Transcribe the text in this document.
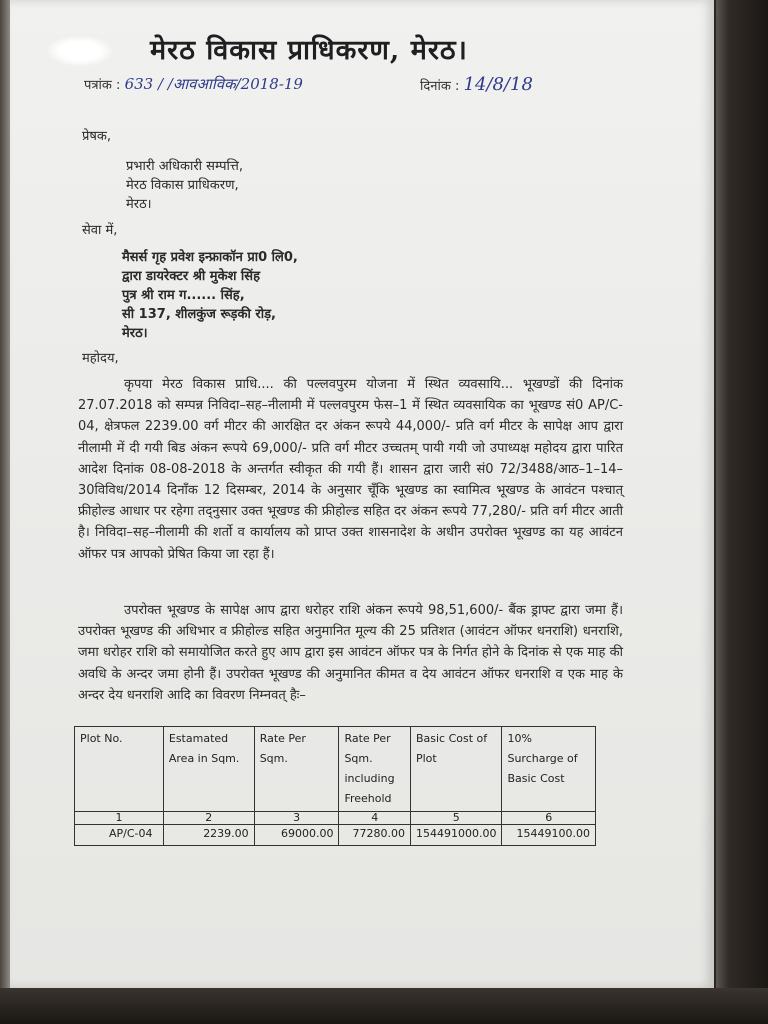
मेरठ विकास प्राधिकरण, मेरठ।
पत्रांक : 633 / /आवआविक/2018-19	दिनांक : 14/8/18
प्रेषक,
प्रभारी अधिकारी सम्पत्ति,
मेरठ विकास प्राधिकरण,
मेरठ।
सेवा में,
मैसर्स गृह प्रवेश इन्फ्राकॉन प्रा0 लि0,
द्वारा डायरेक्टर श्री मुकेश सिंह
पुत्र श्री राम ग...... सिंह,
सी 137, शीलकुंज रूड़की रोड़,
मेरठ।
महोदय,
कृपया मेरठ विकास प्राधि.... की पल्लवपुरम योजना में स्थित व्यवसायि... भूखण्डों की दिनांक 27.07.2018 को सम्पन्न निविदा–सह–नीलामी में पल्लवपुरम फेस–1 में स्थित व्यवसायिक का भूखण्ड सं0 AP/C-04, क्षेत्रफल 2239.00 वर्ग मीटर की आरक्षित दर अंकन रूपये 44,000/- प्रति वर्ग मीटर के सापेक्ष आप द्वारा नीलामी में दी गयी बिड अंकन रूपये 69,000/- प्रति वर्ग मीटर उच्चतम् पायी गयी जो उपाध्यक्ष महोदय द्वारा पारित आदेश दिनांक 08-08-2018 के अन्तर्गत स्वीकृत की गयी हैं। शासन द्वारा जारी सं0 72/3488/आठ–1–14–30विविध/2014 दिनाँक 12 दिसम्बर, 2014 के अनुसार चूँकि भूखण्ड का स्वामित्व भूखण्ड के आवंटन पश्चात् फ्रीहोल्ड आधार पर रहेगा तद्नुसार उक्त भूखण्ड की फ्रीहोल्ड सहित दर अंकन रूपये 77,280/- प्रति वर्ग मीटर आती है। निविदा–सह–नीलामी की शर्तो व कार्यालय को प्राप्त उक्त शासनादेश के अधीन उपरोक्त भूखण्ड का यह आवंटन ऑफर पत्र आपको प्रेषित किया जा रहा हैं।
उपरोक्त भूखण्ड के सापेक्ष आप द्वारा धरोहर राशि अंकन रूपये 98,51,600/- बैंक ड्राफ्ट द्वारा जमा हैं। उपरोक्त भूखण्ड की अधिभार व फ्रीहोल्ड सहित अनुमानित मूल्य की 25 प्रतिशत (आवंटन ऑफर धनराशि) धनराशि, जमा धरोहर राशि को समायोजित करते हुए आप द्वारा इस आवंटन ऑफर पत्र के निर्गत होने के दिनांक से एक माह की अवधि के अन्दर जमा होनी हैं। उपरोक्त भूखण्ड की अनुमानित कीमत व देय आवंटन ऑफर धनराशि व एक माह के अन्दर देय धनराशि आदि का विवरण निम्नवत् हैः–
Plot No.	Estamated Area in Sqm.	Rate Per Sqm.	Rate Per Sqm. including Freehold	Basic Cost of Plot	10% Surcharge of Basic Cost
1	2	3	4	5	6
AP/C-04	2239.00	69000.00	77280.00	154491000.00	15449100.00
